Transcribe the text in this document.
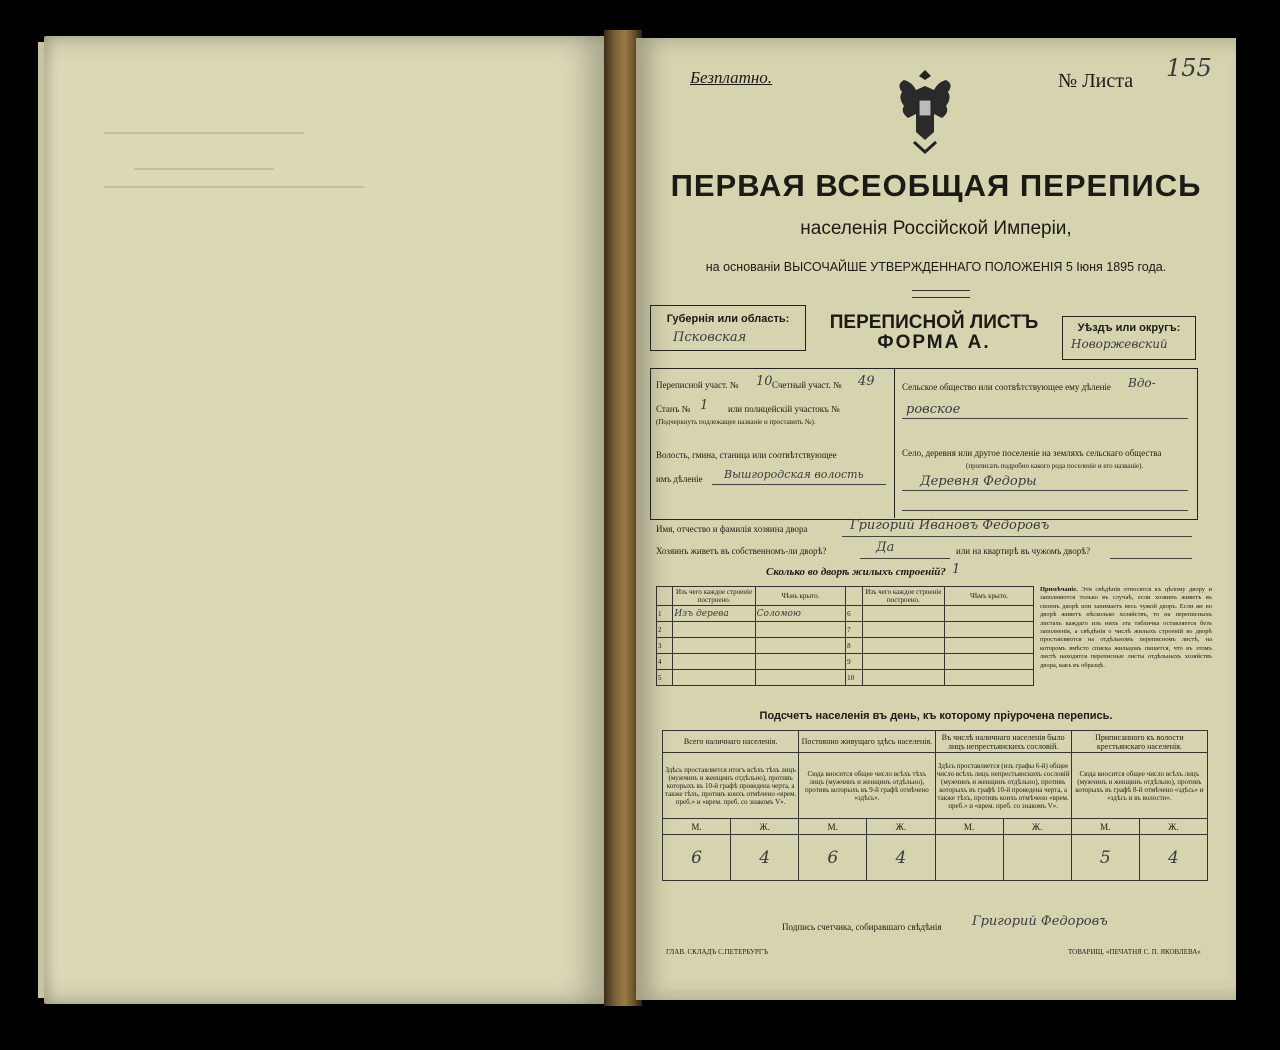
Безплатно.	№ Листа 155
ПЕРВАЯ ВСЕОБЩАЯ ПЕРЕПИСЬ
населенія Россійской Имперіи,
на основаніи ВЫСОЧАЙШЕ УТВЕРЖДЕННАГО ПОЛОЖЕНІЯ 5 Іюня 1895 года.
Губернія или область:
Псковская
ПЕРЕПИСНОЙ ЛИСТЪ
ФОРМА А.
Уѣздъ или округъ:
Новоржевский
Переписной участ. № 10 Счетный участ. № 49
Станъ № 1 или полицейскій участокъ №
(Подчеркнуть подлежащее названіе и проставить №).
Волость, гмина, станица или соотвѣтствующее
имъ дѣленіе Вышгородская волость
Сельское общество или соотвѣтствующее ему дѣленіе Вдо-
ровское
Село, деревня или другое поселеніе на земляхъ сельскаго общества
(прописать подробно какого рода поселеніе и его названіе).
Деревня Федоры
Имя, отчество и фамилія хозяина двора	Григорий Ивановъ Федоровъ
Хозяинъ живетъ въ собственномъ-ли дворѣ?	Да	или на квартирѣ въ чужомъ дворѣ?
Сколько во дворѣ жилыхъ строеній? 1
	Изъ чего каждое строеніе построено.	Чѣмъ крыто.		Изъ чего каждое строеніе построено.	Чѣмъ крыто.
1	Изъ дерева	Соломою	6		
2			7		
3			8		
4			9		
5			10		
Примѣчаніе. Эти свѣдѣнія относятся къ цѣлому двору и заполняются только въ случаѣ, если хозяинъ живетъ въ своемъ дворѣ или занимаетъ весь чужой дворъ. Если же во дворѣ живетъ нѣсколько хозяйствъ, то на переписныхъ листахъ каждаго изъ нихъ эта табличка оставляется безъ заполненія, а свѣдѣнія о числѣ жилыхъ строеній во дворѣ проставляются на отдѣльномъ переписномъ листѣ, на которомъ вмѣсто списка жильцовъ пишется, что въ этомъ листѣ находятся переписные листы отдѣльныхъ хозяйствъ двора, какъ въ образцѣ.
Подсчетъ населенія въ день, къ которому пріурочена перепись.
Всего наличнаго населенія.		Постоянно живущаго здѣсь населенія.		Въ числѣ наличнаго населенія было лицъ непрестьянскихъ сословій.		Приписанного къ волости крестьянскаго населенія.	
Здѣсь проставляется итогъ всѣхъ тѣхъ лицъ (мужчинъ и женщинъ отдѣльно), противъ которыхъ въ 10-й графѣ проведена черта, а также тѣхъ, противъ коихъ отмѣчено «врем. преб.» и «врем. преб. со знакомъ V».		Сюда вносится общее число всѣхъ тѣхъ лицъ (мужчинъ и женщинъ отдѣльно), противъ которыхъ въ 9-й графѣ отмѣчено «здѣсь».		Здѣсь проставляется (изъ графы 6-й) общее число всѣхъ лицъ непрестьянскихъ сословій (мужчинъ и женщинъ отдѣльно), противъ которыхъ въ графѣ 10-й проведена черта, а также тѣхъ, противъ коихъ отмѣчено «врем. преб.» и «врем. преб. со знакомъ V».		Сюда вносится общее число всѣхъ лицъ (мужчинъ и женщинъ отдѣльно), противъ которыхъ въ графѣ 8-й отмѣчено «здѣсь» и «здѣсь и въ волости».	
М.	Ж.	М.	Ж.	М.	Ж.	М.	Ж.
6	4	6	4			5	4
Подпись счетчика, собиравшаго свѣдѣнія Григорий Федоровъ
ГЛАВ. СКЛАДЪ С.ПЕТЕРБУРГЪ	ТОВАРИЩ. «ПЕЧАТНЯ С. П. ЯКОВЛЕВА»
